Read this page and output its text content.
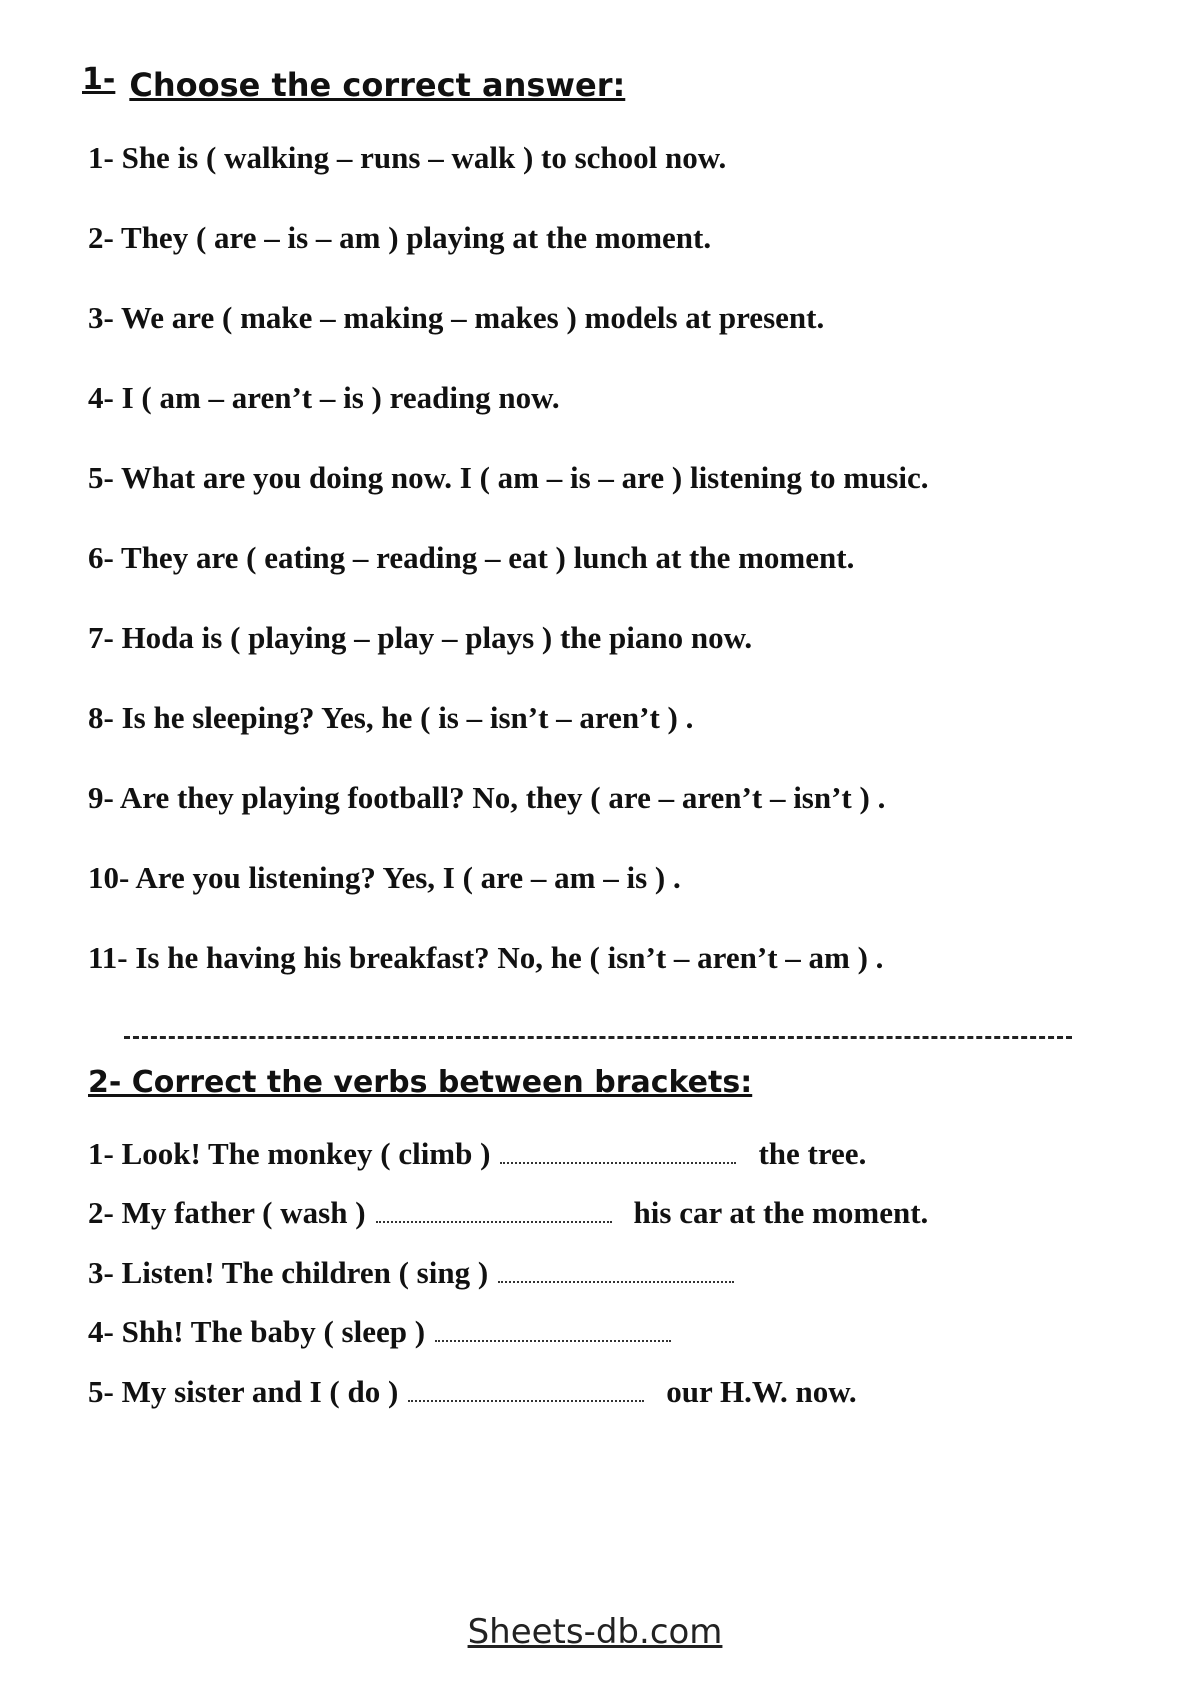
1- Choose the correct answer:
1- She is ( walking – runs – walk ) to school now.
2- They ( are – is – am ) playing at the moment.
3- We are ( make – making – makes ) models at present.
4- I ( am – aren’t – is ) reading now.
5- What are you doing now. I ( am – is – are ) listening to music.
6- They are ( eating – reading – eat ) lunch at the moment.
7- Hoda is ( playing – play – plays ) the piano now.
8- Is he sleeping? Yes, he ( is – isn’t – aren’t ) .
9- Are they playing football? No, they ( are – aren’t – isn’t ) .
10- Are you listening? Yes, I ( are – am – is ) .
11- Is he having his breakfast? No, he ( isn’t – aren’t – am ) .
2- Correct the verbs between brackets:
1- Look! The monkey ( climb )	the tree.
2- My father ( wash )	his car at the moment.
3- Listen! The children ( sing )
4- Shh! The baby ( sleep )
5- My sister and I ( do )	our H.W. now.
Sheets-db.com
